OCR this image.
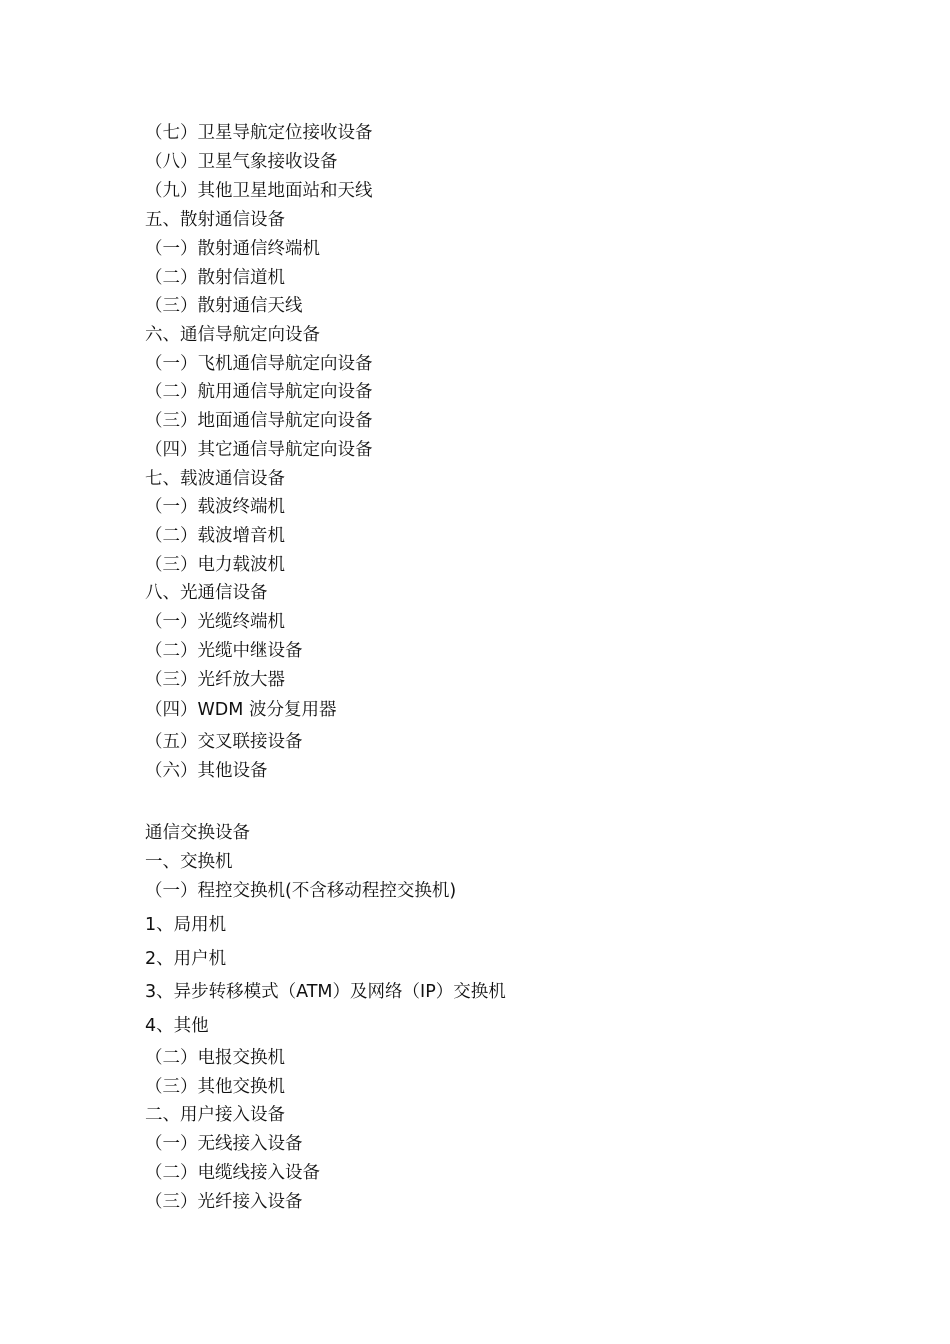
（七）卫星导航定位接收设备
（八）卫星气象接收设备
（九）其他卫星地面站和天线
五、散射通信设备
（一）散射通信终端机
（二）散射信道机
（三）散射通信天线
六、通信导航定向设备
（一）飞机通信导航定向设备
（二）航用通信导航定向设备
（三）地面通信导航定向设备
（四）其它通信导航定向设备
七、载波通信设备
（一）载波终端机
（二）载波增音机
（三）电力载波机
八、光通信设备
（一）光缆终端机
（二）光缆中继设备
（三）光纤放大器
（四）WDM 波分复用器
（五）交叉联接设备
（六）其他设备
通信交换设备
一、交换机
（一）程控交换机(不含移动程控交换机)
1、局用机
2、用户机
3、异步转移模式（ATM）及网络（IP）交换机
4、其他
（二）电报交换机
（三）其他交换机
二、用户接入设备
（一）无线接入设备
（二）电缆线接入设备
（三）光纤接入设备
